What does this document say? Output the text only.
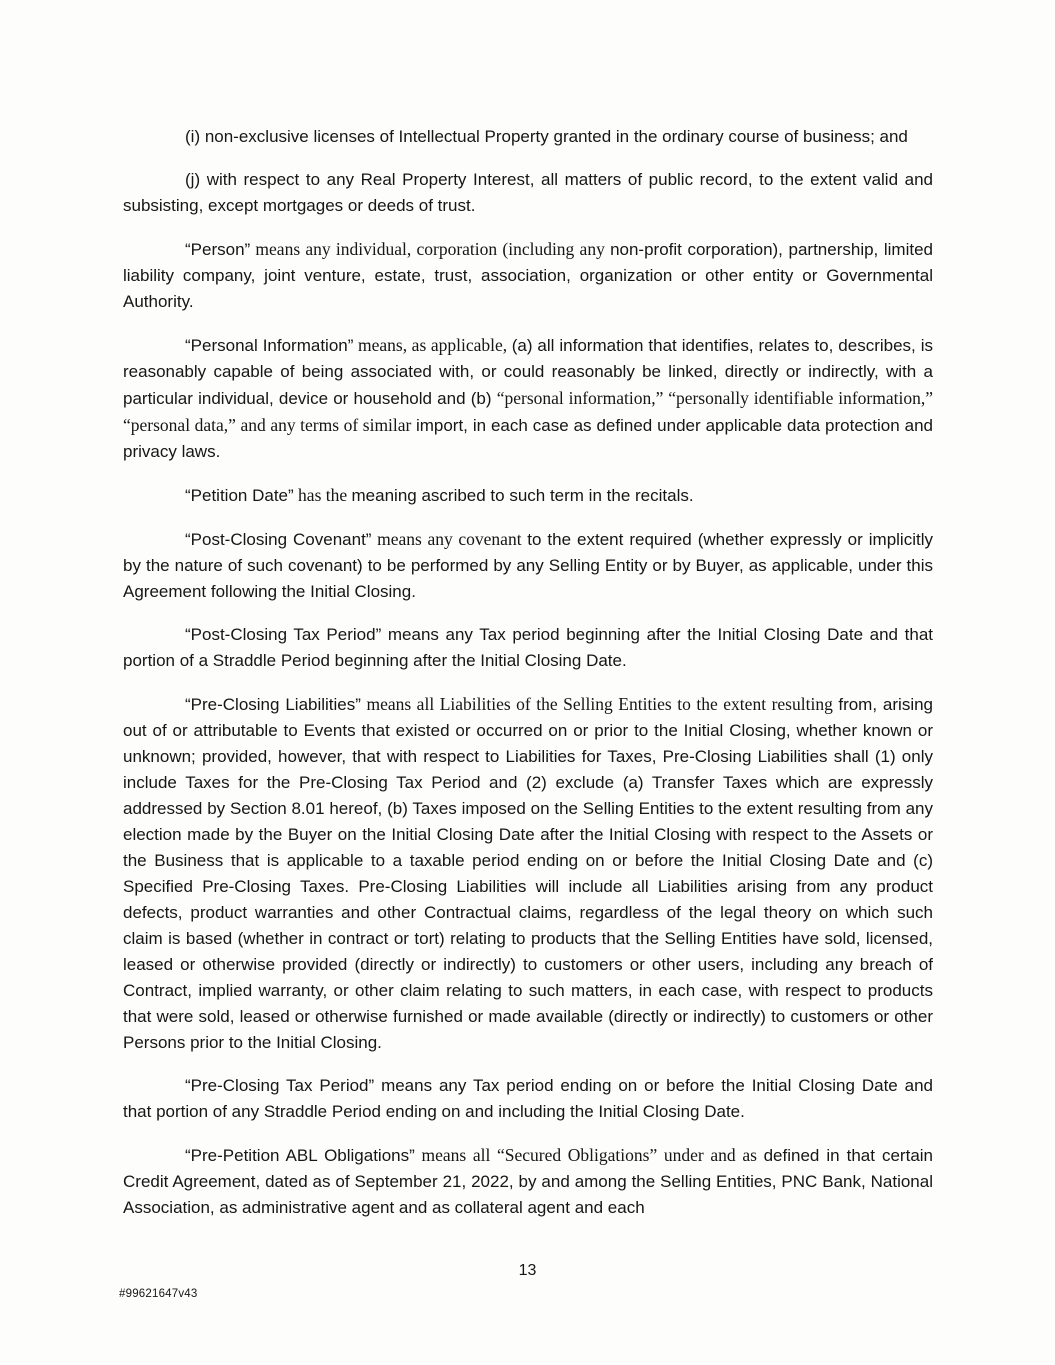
(i) non-exclusive licenses of Intellectual Property granted in the ordinary course of business; and
(j) with respect to any Real Property Interest, all matters of public record, to the extent valid and subsisting, except mortgages or deeds of trust.
“Person” means any individual, corporation (including any non-profit corporation), partnership, limited liability company, joint venture, estate, trust, association, organization or other entity or Governmental Authority.
“Personal Information” means, as applicable, (a) all information that identifies, relates to, describes, is reasonably capable of being associated with, or could reasonably be linked, directly or indirectly, with a particular individual, device or household and (b) “personal information,” “personally identifiable information,” “personal data,” and any terms of similar import, in each case as defined under applicable data protection and privacy laws.
“Petition Date” has the meaning ascribed to such term in the recitals.
“Post-Closing Covenant” means any covenant to the extent required (whether expressly or implicitly by the nature of such covenant) to be performed by any Selling Entity or by Buyer, as applicable, under this Agreement following the Initial Closing.
“Post-Closing Tax Period” means any Tax period beginning after the Initial Closing Date and that portion of a Straddle Period beginning after the Initial Closing Date.
“Pre-Closing Liabilities” means all Liabilities of the Selling Entities to the extent resulting from, arising out of or attributable to Events that existed or occurred on or prior to the Initial Closing, whether known or unknown; provided, however, that with respect to Liabilities for Taxes, Pre-Closing Liabilities shall (1) only include Taxes for the Pre-Closing Tax Period and (2) exclude (a) Transfer Taxes which are expressly addressed by Section 8.01 hereof, (b) Taxes imposed on the Selling Entities to the extent resulting from any election made by the Buyer on the Initial Closing Date after the Initial Closing with respect to the Assets or the Business that is applicable to a taxable period ending on or before the Initial Closing Date and (c) Specified Pre-Closing Taxes. Pre-Closing Liabilities will include all Liabilities arising from any product defects, product warranties and other Contractual claims, regardless of the legal theory on which such claim is based (whether in contract or tort) relating to products that the Selling Entities have sold, licensed, leased or otherwise provided (directly or indirectly) to customers or other users, including any breach of Contract, implied warranty, or other claim relating to such matters, in each case, with respect to products that were sold, leased or otherwise furnished or made available (directly or indirectly) to customers or other Persons prior to the Initial Closing.
“Pre-Closing Tax Period” means any Tax period ending on or before the Initial Closing Date and that portion of any Straddle Period ending on and including the Initial Closing Date.
“Pre-Petition ABL Obligations” means all “Secured Obligations” under and as defined in that certain Credit Agreement, dated as of September 21, 2022, by and among the Selling Entities, PNC Bank, National Association, as administrative agent and as collateral agent and each
13
#99621647v43
